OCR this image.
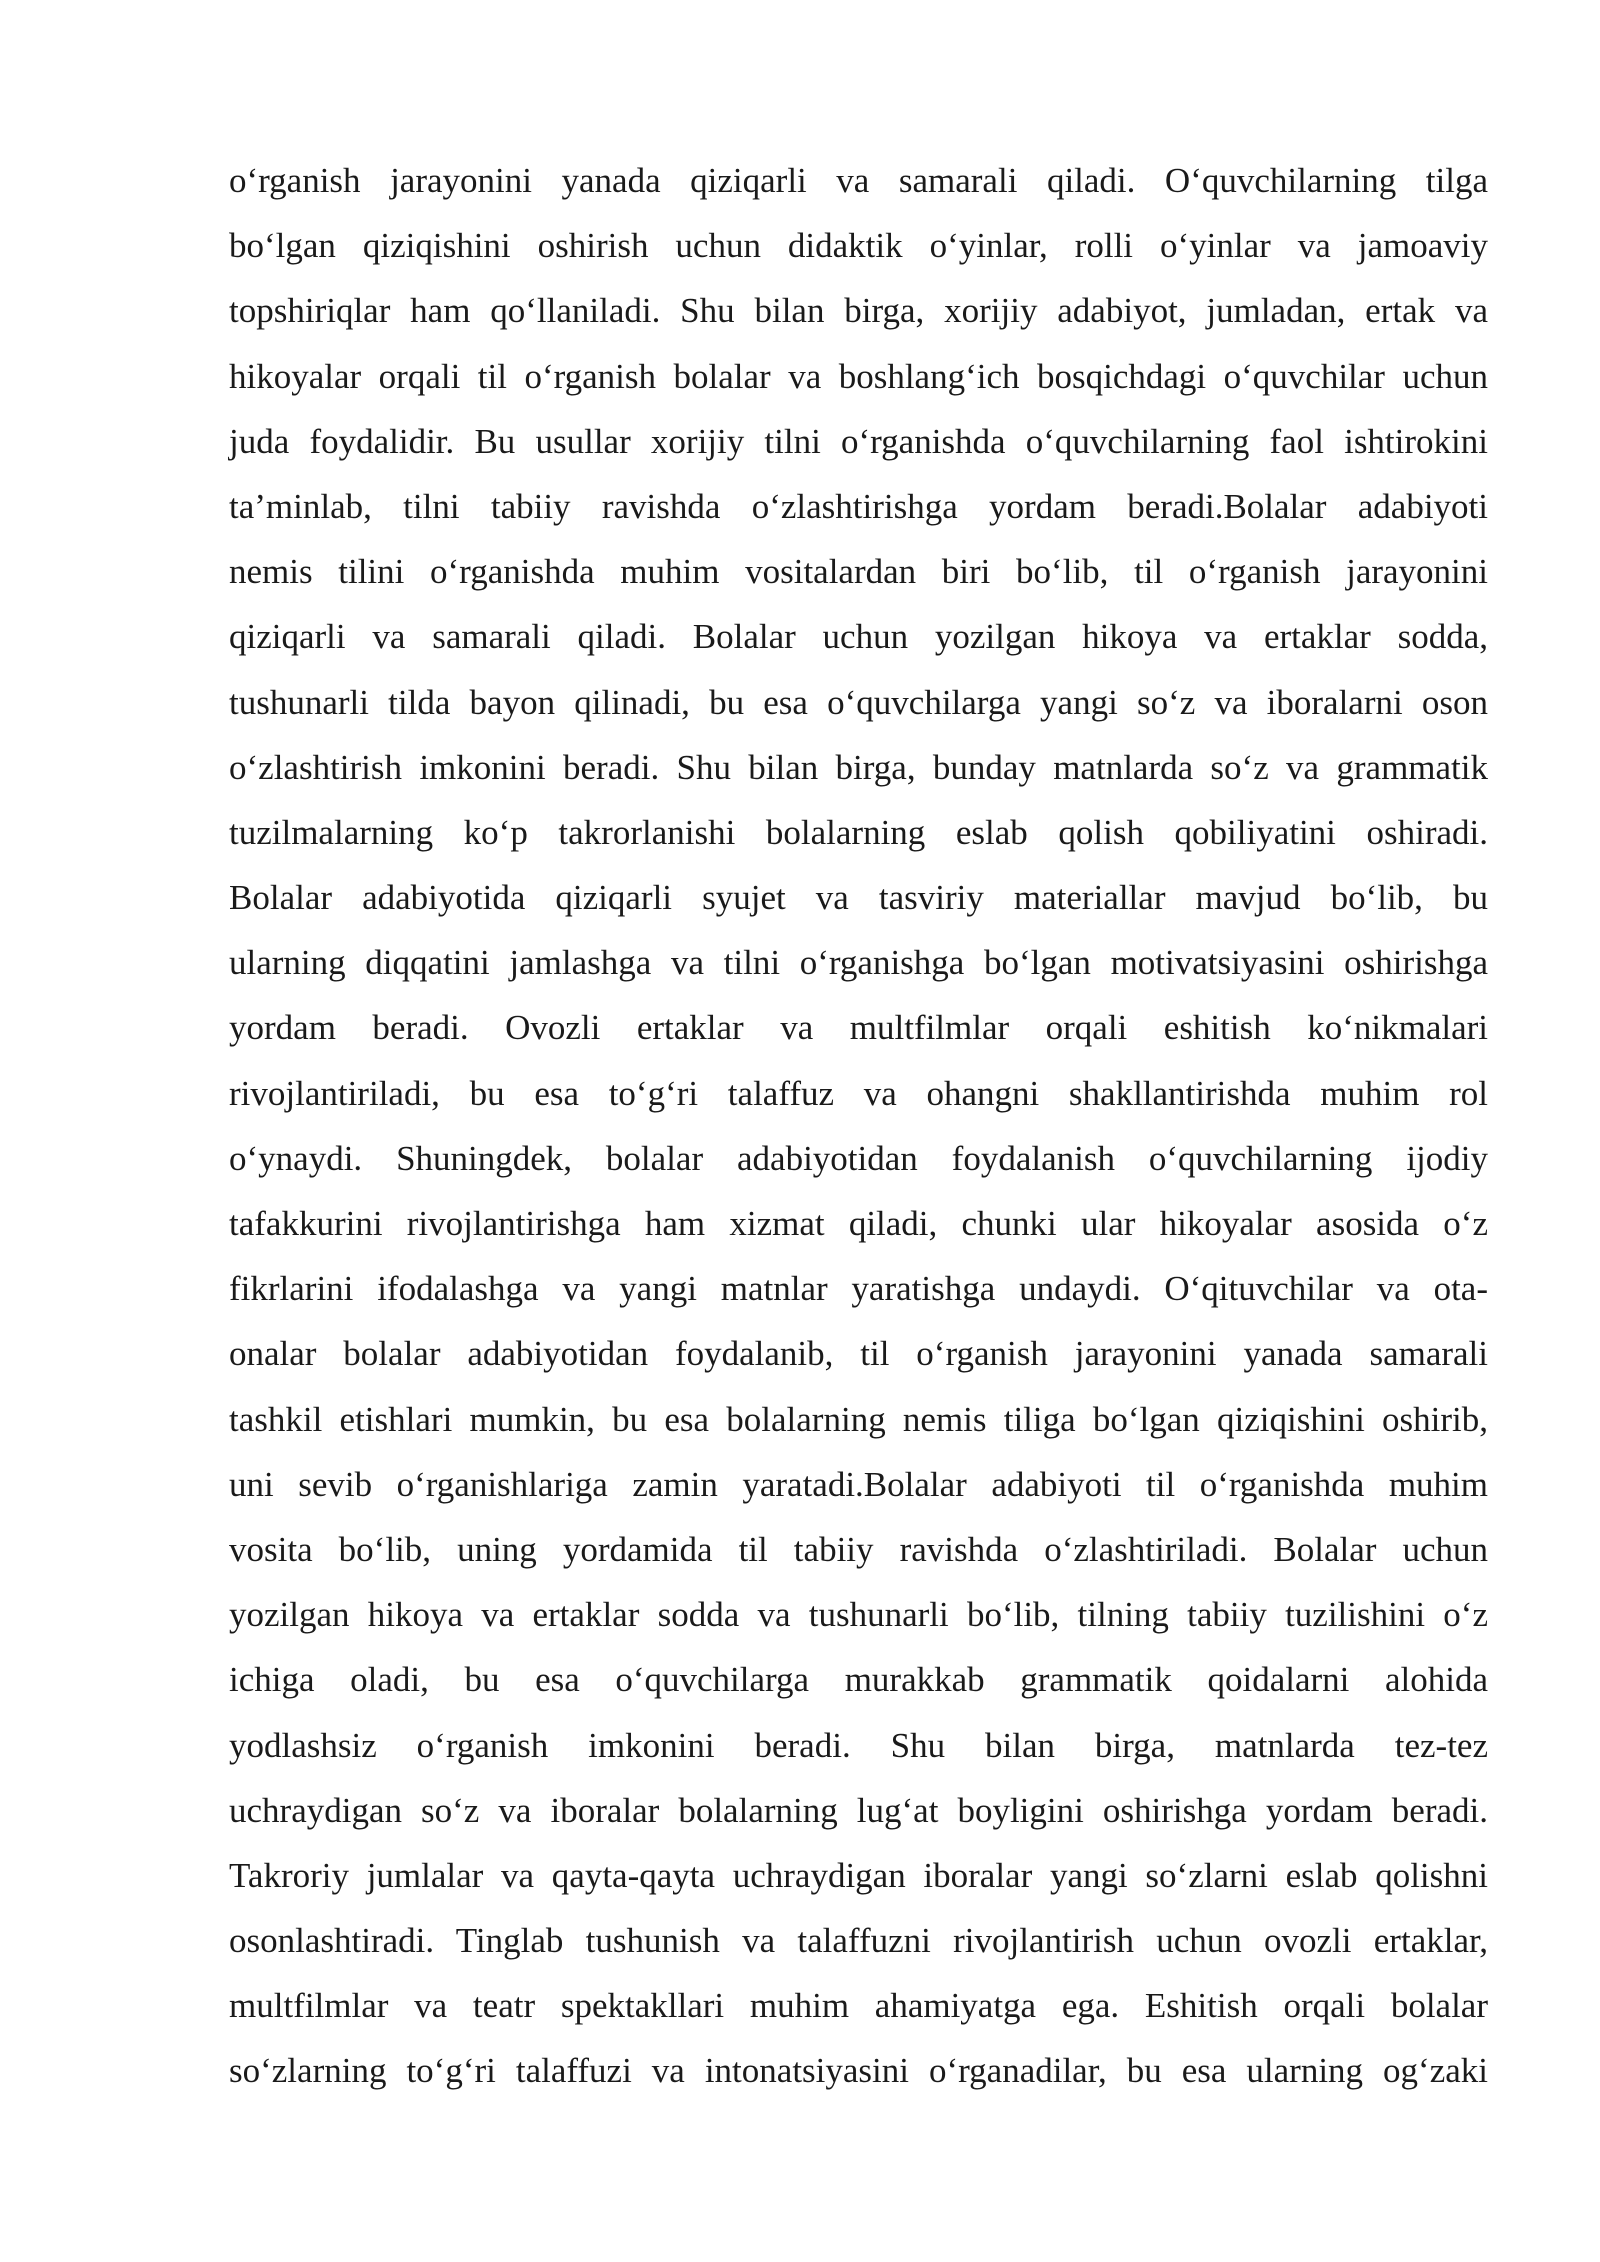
o‘rganish jarayonini yanada qiziqarli va samarali qiladi. O‘quvchilarning tilga
bo‘lgan qiziqishini oshirish uchun didaktik o‘yinlar, rolli o‘yinlar va jamoaviy
topshiriqlar ham qo‘llaniladi. Shu bilan birga, xorijiy adabiyot, jumladan, ertak va
hikoyalar orqali til o‘rganish bolalar va boshlang‘ich bosqichdagi o‘quvchilar uchun
juda foydalidir. Bu usullar xorijiy tilni o‘rganishda o‘quvchilarning faol ishtirokini
ta’minlab, tilni tabiiy ravishda o‘zlashtirishga yordam beradi.Bolalar adabiyoti
nemis tilini o‘rganishda muhim vositalardan biri bo‘lib, til o‘rganish jarayonini
qiziqarli va samarali qiladi. Bolalar uchun yozilgan hikoya va ertaklar sodda,
tushunarli tilda bayon qilinadi, bu esa o‘quvchilarga yangi so‘z va iboralarni oson
o‘zlashtirish imkonini beradi. Shu bilan birga, bunday matnlarda so‘z va grammatik
tuzilmalarning ko‘p takrorlanishi bolalarning eslab qolish qobiliyatini oshiradi.
Bolalar adabiyotida qiziqarli syujet va tasviriy materiallar mavjud bo‘lib, bu
ularning diqqatini jamlashga va tilni o‘rganishga bo‘lgan motivatsiyasini oshirishga
yordam beradi. Ovozli ertaklar va multfilmlar orqali eshitish ko‘nikmalari
rivojlantiriladi, bu esa to‘g‘ri talaffuz va ohangni shakllantirishda muhim rol
o‘ynaydi. Shuningdek, bolalar adabiyotidan foydalanish o‘quvchilarning ijodiy
tafakkurini rivojlantirishga ham xizmat qiladi, chunki ular hikoyalar asosida o‘z
fikrlarini ifodalashga va yangi matnlar yaratishga undaydi. O‘qituvchilar va ota-
onalar bolalar adabiyotidan foydalanib, til o‘rganish jarayonini yanada samarali
tashkil etishlari mumkin, bu esa bolalarning nemis tiliga bo‘lgan qiziqishini oshirib,
uni sevib o‘rganishlariga zamin yaratadi.Bolalar adabiyoti til o‘rganishda muhim
vosita bo‘lib, uning yordamida til tabiiy ravishda o‘zlashtiriladi. Bolalar uchun
yozilgan hikoya va ertaklar sodda va tushunarli bo‘lib, tilning tabiiy tuzilishini o‘z
ichiga oladi, bu esa o‘quvchilarga murakkab grammatik qoidalarni alohida
yodlashsiz o‘rganish imkonini beradi. Shu bilan birga, matnlarda tez-tez
uchraydigan so‘z va iboralar bolalarning lug‘at boyligini oshirishga yordam beradi.
Takroriy jumlalar va qayta-qayta uchraydigan iboralar yangi so‘zlarni eslab qolishni
osonlashtiradi. Tinglab tushunish va talaffuzni rivojlantirish uchun ovozli ertaklar,
multfilmlar va teatr spektakllari muhim ahamiyatga ega. Eshitish orqali bolalar
so‘zlarning to‘g‘ri talaffuzi va intonatsiyasini o‘rganadilar, bu esa ularning og‘zaki
